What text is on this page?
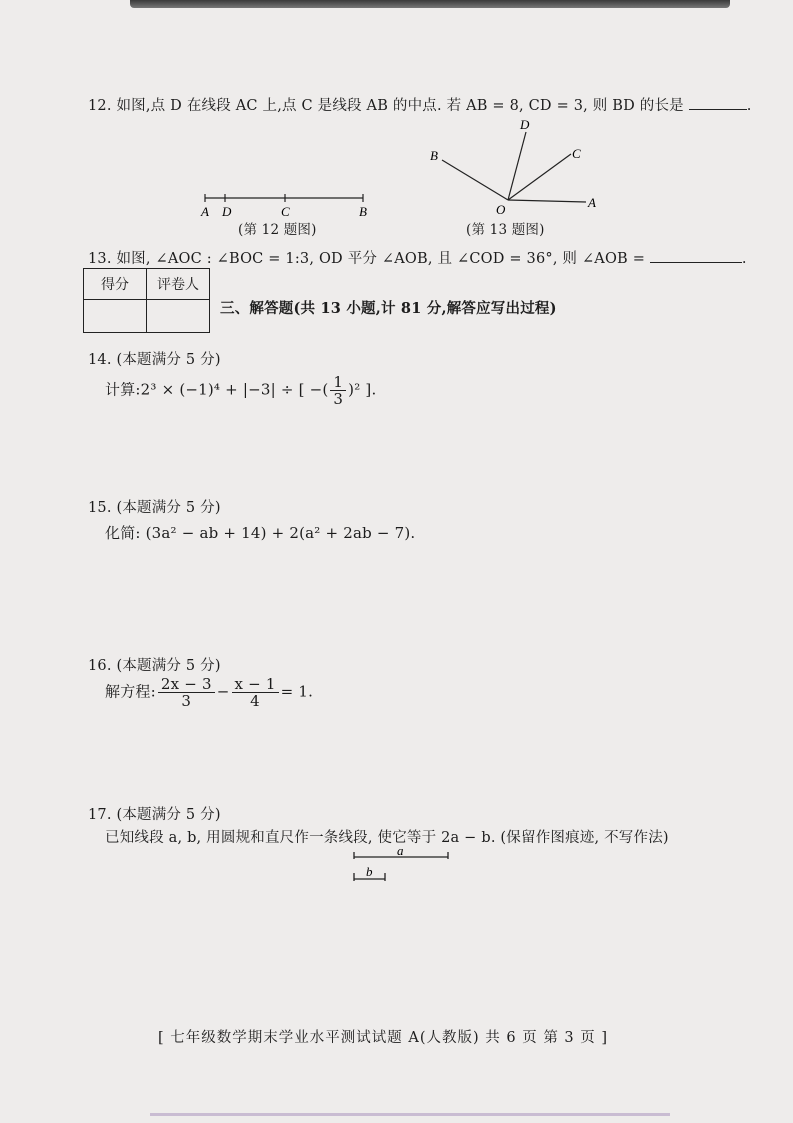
12. 如图,点 D 在线段 AC 上,点 C 是线段 AB 的中点. 若 AB = 8, CD = 3, 则 BD 的长是	.
A D	C	B
(第 12 题图)
D
B	C
O	A
(第 13 题图)
13. 如图, ∠AOC : ∠BOC = 1:3, OD 平分 ∠AOB, 且 ∠COD = 36°, 则 ∠AOB =	.
得分	评卷人

三、解答题(共 13 小题,计 81 分,解答应写出过程)
14. (本题满分 5 分)
计算:2³ × (−1)⁴ + |−3| ÷ [ −( $\frac{1}{3} )^2$ ].
15. (本题满分 5 分)
化简: (3a² − ab + 14) + 2(a² + 2ab − 7).
16. (本题满分 5 分)
解方程: $\frac{2x - 3}{3} - \frac{x - 1}{4} = 1$.
17. (本题满分 5 分)
已知线段 a, b, 用圆规和直尺作一条线段, 使它等于 2a − b. (保留作图痕迹, 不写作法)
a
b
[ 七年级数学期末学业水平测试试题 A(人教版) 共 6 页 第 3 页 ]
